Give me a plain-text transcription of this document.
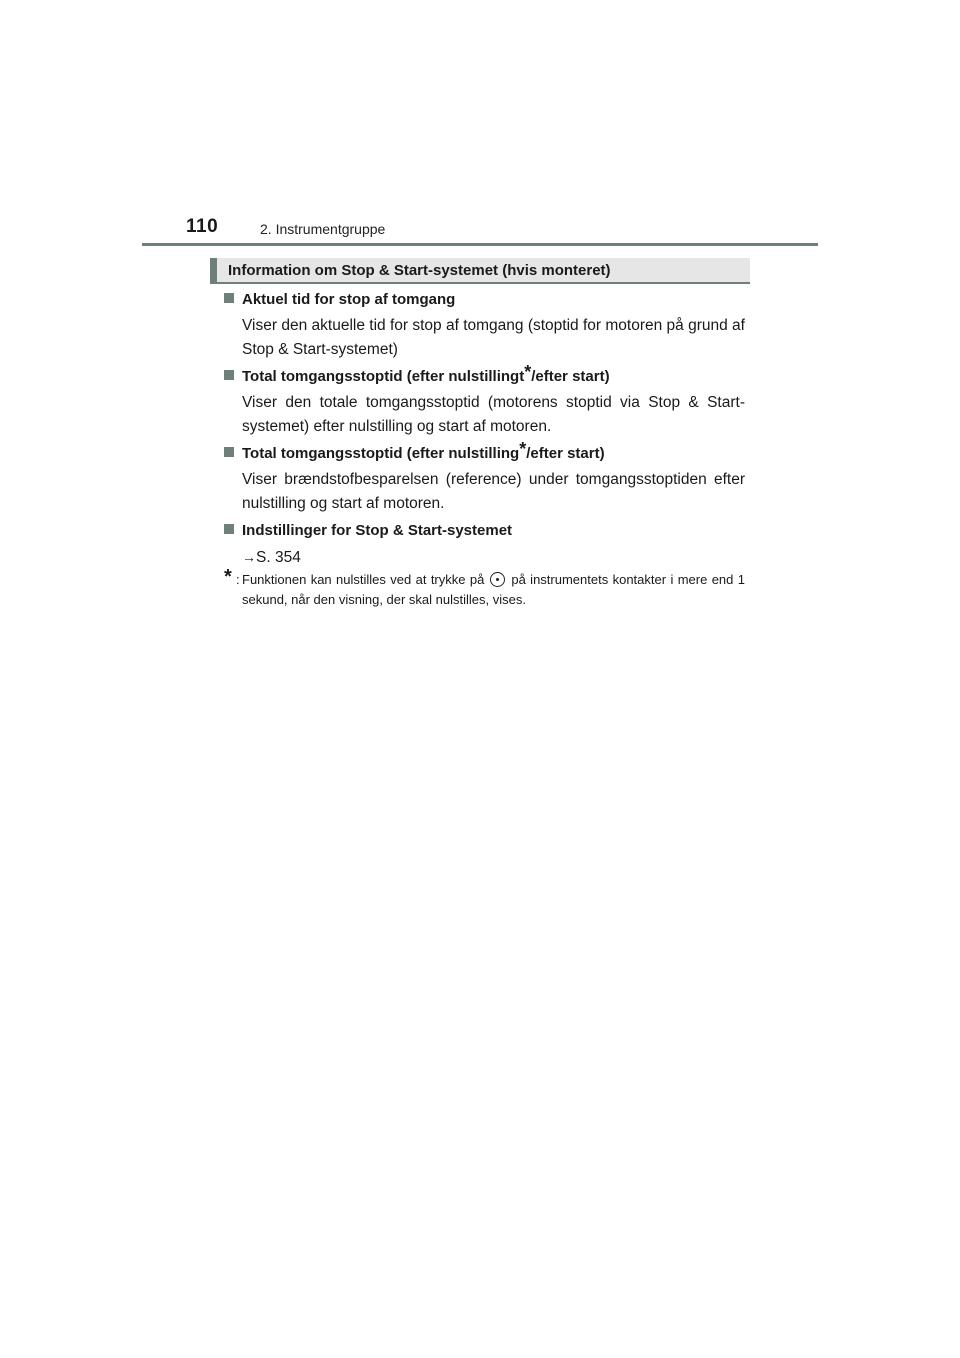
110	2. Instrumentgruppe
Information om Stop & Start-systemet (hvis monteret)

Aktuel tid for stop af tomgang

Viser den aktuelle tid for stop af tomgang (stoptid for motoren på grund af Stop & Start-systemet)

Total tomgangsstoptid (efter nulstillingt*/efter start)

Viser den totale tomgangsstoptid (motorens stoptid via Stop & Start-systemet) efter nulstilling og start af motoren.

Total tomgangsstoptid (efter nulstilling*/efter start)

Viser brændstofbesparelsen (reference) under tomgangsstoptiden efter nulstilling og start af motoren.

Indstillinger for Stop & Start-systemet

→S. 354

* : Funktionen kan nulstilles ved at trykke på på instrumentets kontakter i mere end 1 sekund, når den visning, der skal nulstilles, vises.
